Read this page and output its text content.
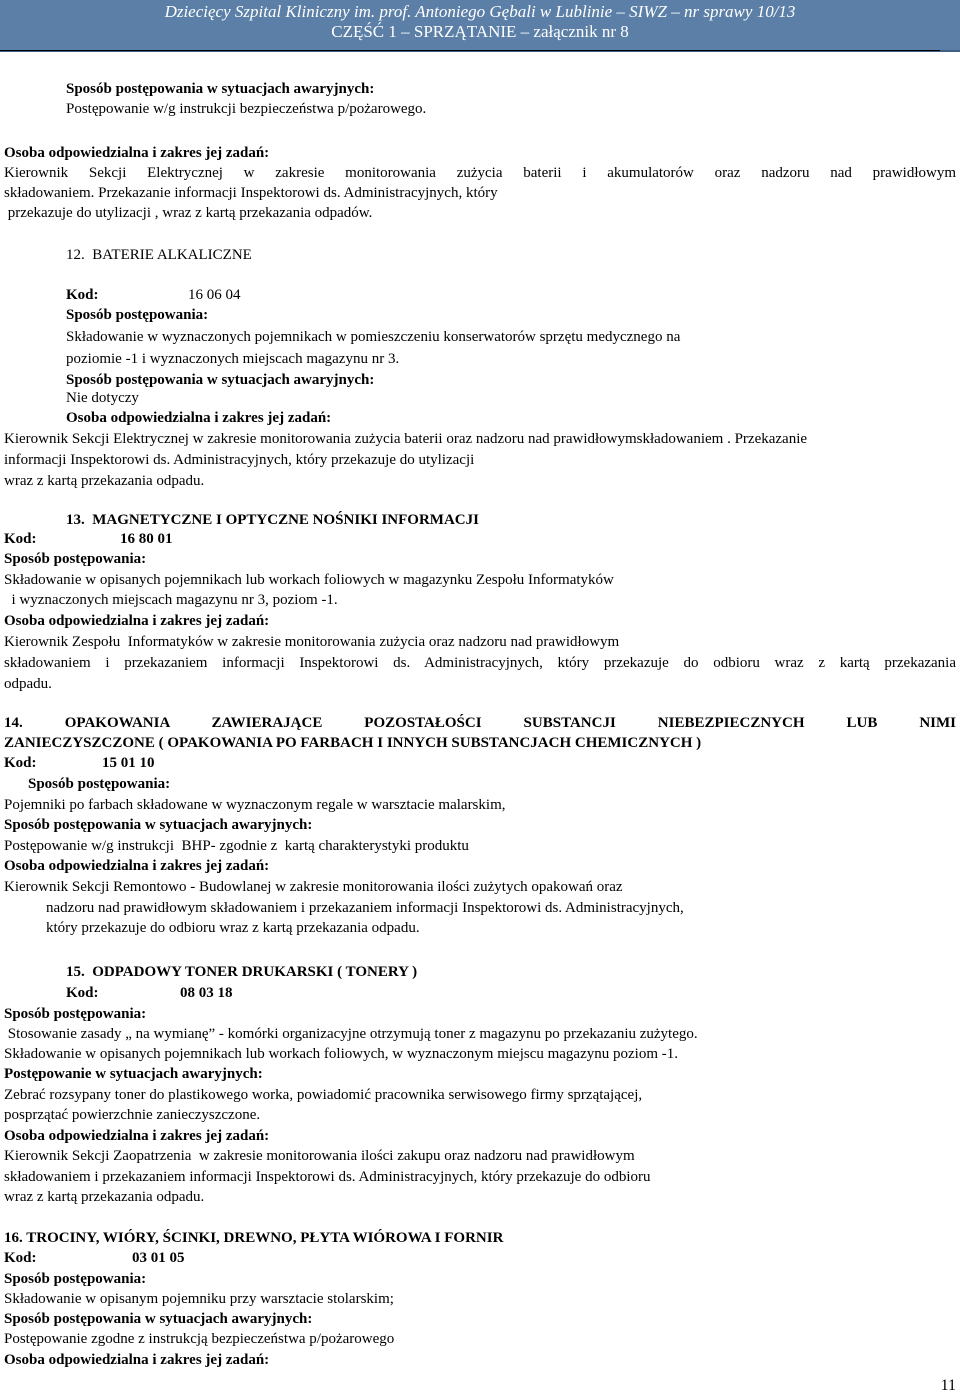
Dziecięcy Szpital Kliniczny im. prof. Antoniego Gębali w Lublinie – SIWZ – nr sprawy 10/13
CZĘŚĆ 1 – SPRZĄTANIE – załącznik nr 8
Sposób postępowania w sytuacjach awaryjnych:
Postępowanie w/g instrukcji bezpieczeństwa p/pożarowego.
Osoba odpowiedzialna i zakres jej zadań:
Kierownik Sekcji Elektrycznej w zakresie monitorowania zużycia baterii i akumulatorów oraz nadzoru nad prawidłowym
składowaniem. Przekazanie informacji Inspektorowi ds. Administracyjnych, który
przekazuje do utylizacji , wraz z kartą przekazania odpadów.
12.  BATERIE ALKALICZNE
Kod:	16 06 04
Sposób postępowania:
Składowanie w wyznaczonych pojemnikach w pomieszczeniu konserwatorów sprzętu medycznego na
poziomie -1 i wyznaczonych miejscach magazynu nr 3.
Sposób postępowania w sytuacjach awaryjnych:
Nie dotyczy
Osoba odpowiedzialna i zakres jej zadań:
Kierownik Sekcji Elektrycznej w zakresie monitorowania zużycia baterii oraz nadzoru nad prawidłowymskładowaniem . Przekazanie
informacji Inspektorowi ds. Administracyjnych, który przekazuje do utylizacji
wraz z kartą przekazania odpadu.
13.  MAGNETYCZNE I OPTYCZNE NOŚNIKI INFORMACJI
Kod:	16 80 01
Sposób postępowania:
Składowanie w opisanych pojemnikach lub workach foliowych w magazynku Zespołu Informatyków
i wyznaczonych miejscach magazynu nr 3, poziom -1.
Osoba odpowiedzialna i zakres jej zadań:
Kierownik Zespołu  Informatyków w zakresie monitorowania zużycia oraz nadzoru nad prawidłowym
składowaniem i przekazaniem informacji Inspektorowi ds. Administracyjnych, który przekazuje do odbioru wraz z kartą przekazania
odpadu.
14. OPAKOWANIA ZAWIERAJĄCE POZOSTAŁOŚCI SUBSTANCJI NIEBEZPIECZNYCH LUB NIMI
ZANIECZYSZCZONE ( OPAKOWANIA PO FARBACH I INNYCH SUBSTANCJACH CHEMICZNYCH )
Kod:	15 01 10
Sposób postępowania:
Pojemniki po farbach składowane w wyznaczonym regale w warsztacie malarskim,
Sposób postępowania w sytuacjach awaryjnych:
Postępowanie w/g instrukcji  BHP- zgodnie z  kartą charakterystyki produktu
Osoba odpowiedzialna i zakres jej zadań:
Kierownik Sekcji Remontowo - Budowlanej w zakresie monitorowania ilości zużytych opakowań oraz
nadzoru nad prawidłowym składowaniem i przekazaniem informacji Inspektorowi ds. Administracyjnych,
który przekazuje do odbioru wraz z kartą przekazania odpadu.
15.  ODPADOWY TONER DRUKARSKI ( TONERY )
Kod:	08 03 18
Sposób postępowania:
Stosowanie zasady „ na wymianę” - komórki organizacyjne otrzymują toner z magazynu po przekazaniu zużytego.
Składowanie w opisanych pojemnikach lub workach foliowych, w wyznaczonym miejscu magazynu poziom -1.
Postępowanie w sytuacjach awaryjnych:
Zebrać rozsypany toner do plastikowego worka, powiadomić pracownika serwisowego firmy sprzątającej,
posprzątać powierzchnie zanieczyszczone.
Osoba odpowiedzialna i zakres jej zadań:
Kierownik Sekcji Zaopatrzenia  w zakresie monitorowania ilości zakupu oraz nadzoru nad prawidłowym
składowaniem i przekazaniem informacji Inspektorowi ds. Administracyjnych, który przekazuje do odbioru
wraz z kartą przekazania odpadu.
16. TROCINY, WIÓRY, ŚCINKI, DREWNO, PŁYTA WIÓROWA I FORNIR
Kod:	03 01 05
Sposób postępowania:
Składowanie w opisanym pojemniku przy warsztacie stolarskim;
Sposób postępowania w sytuacjach awaryjnych:
Postępowanie zgodne z instrukcją bezpieczeństwa p/pożarowego
Osoba odpowiedzialna i zakres jej zadań:
11
